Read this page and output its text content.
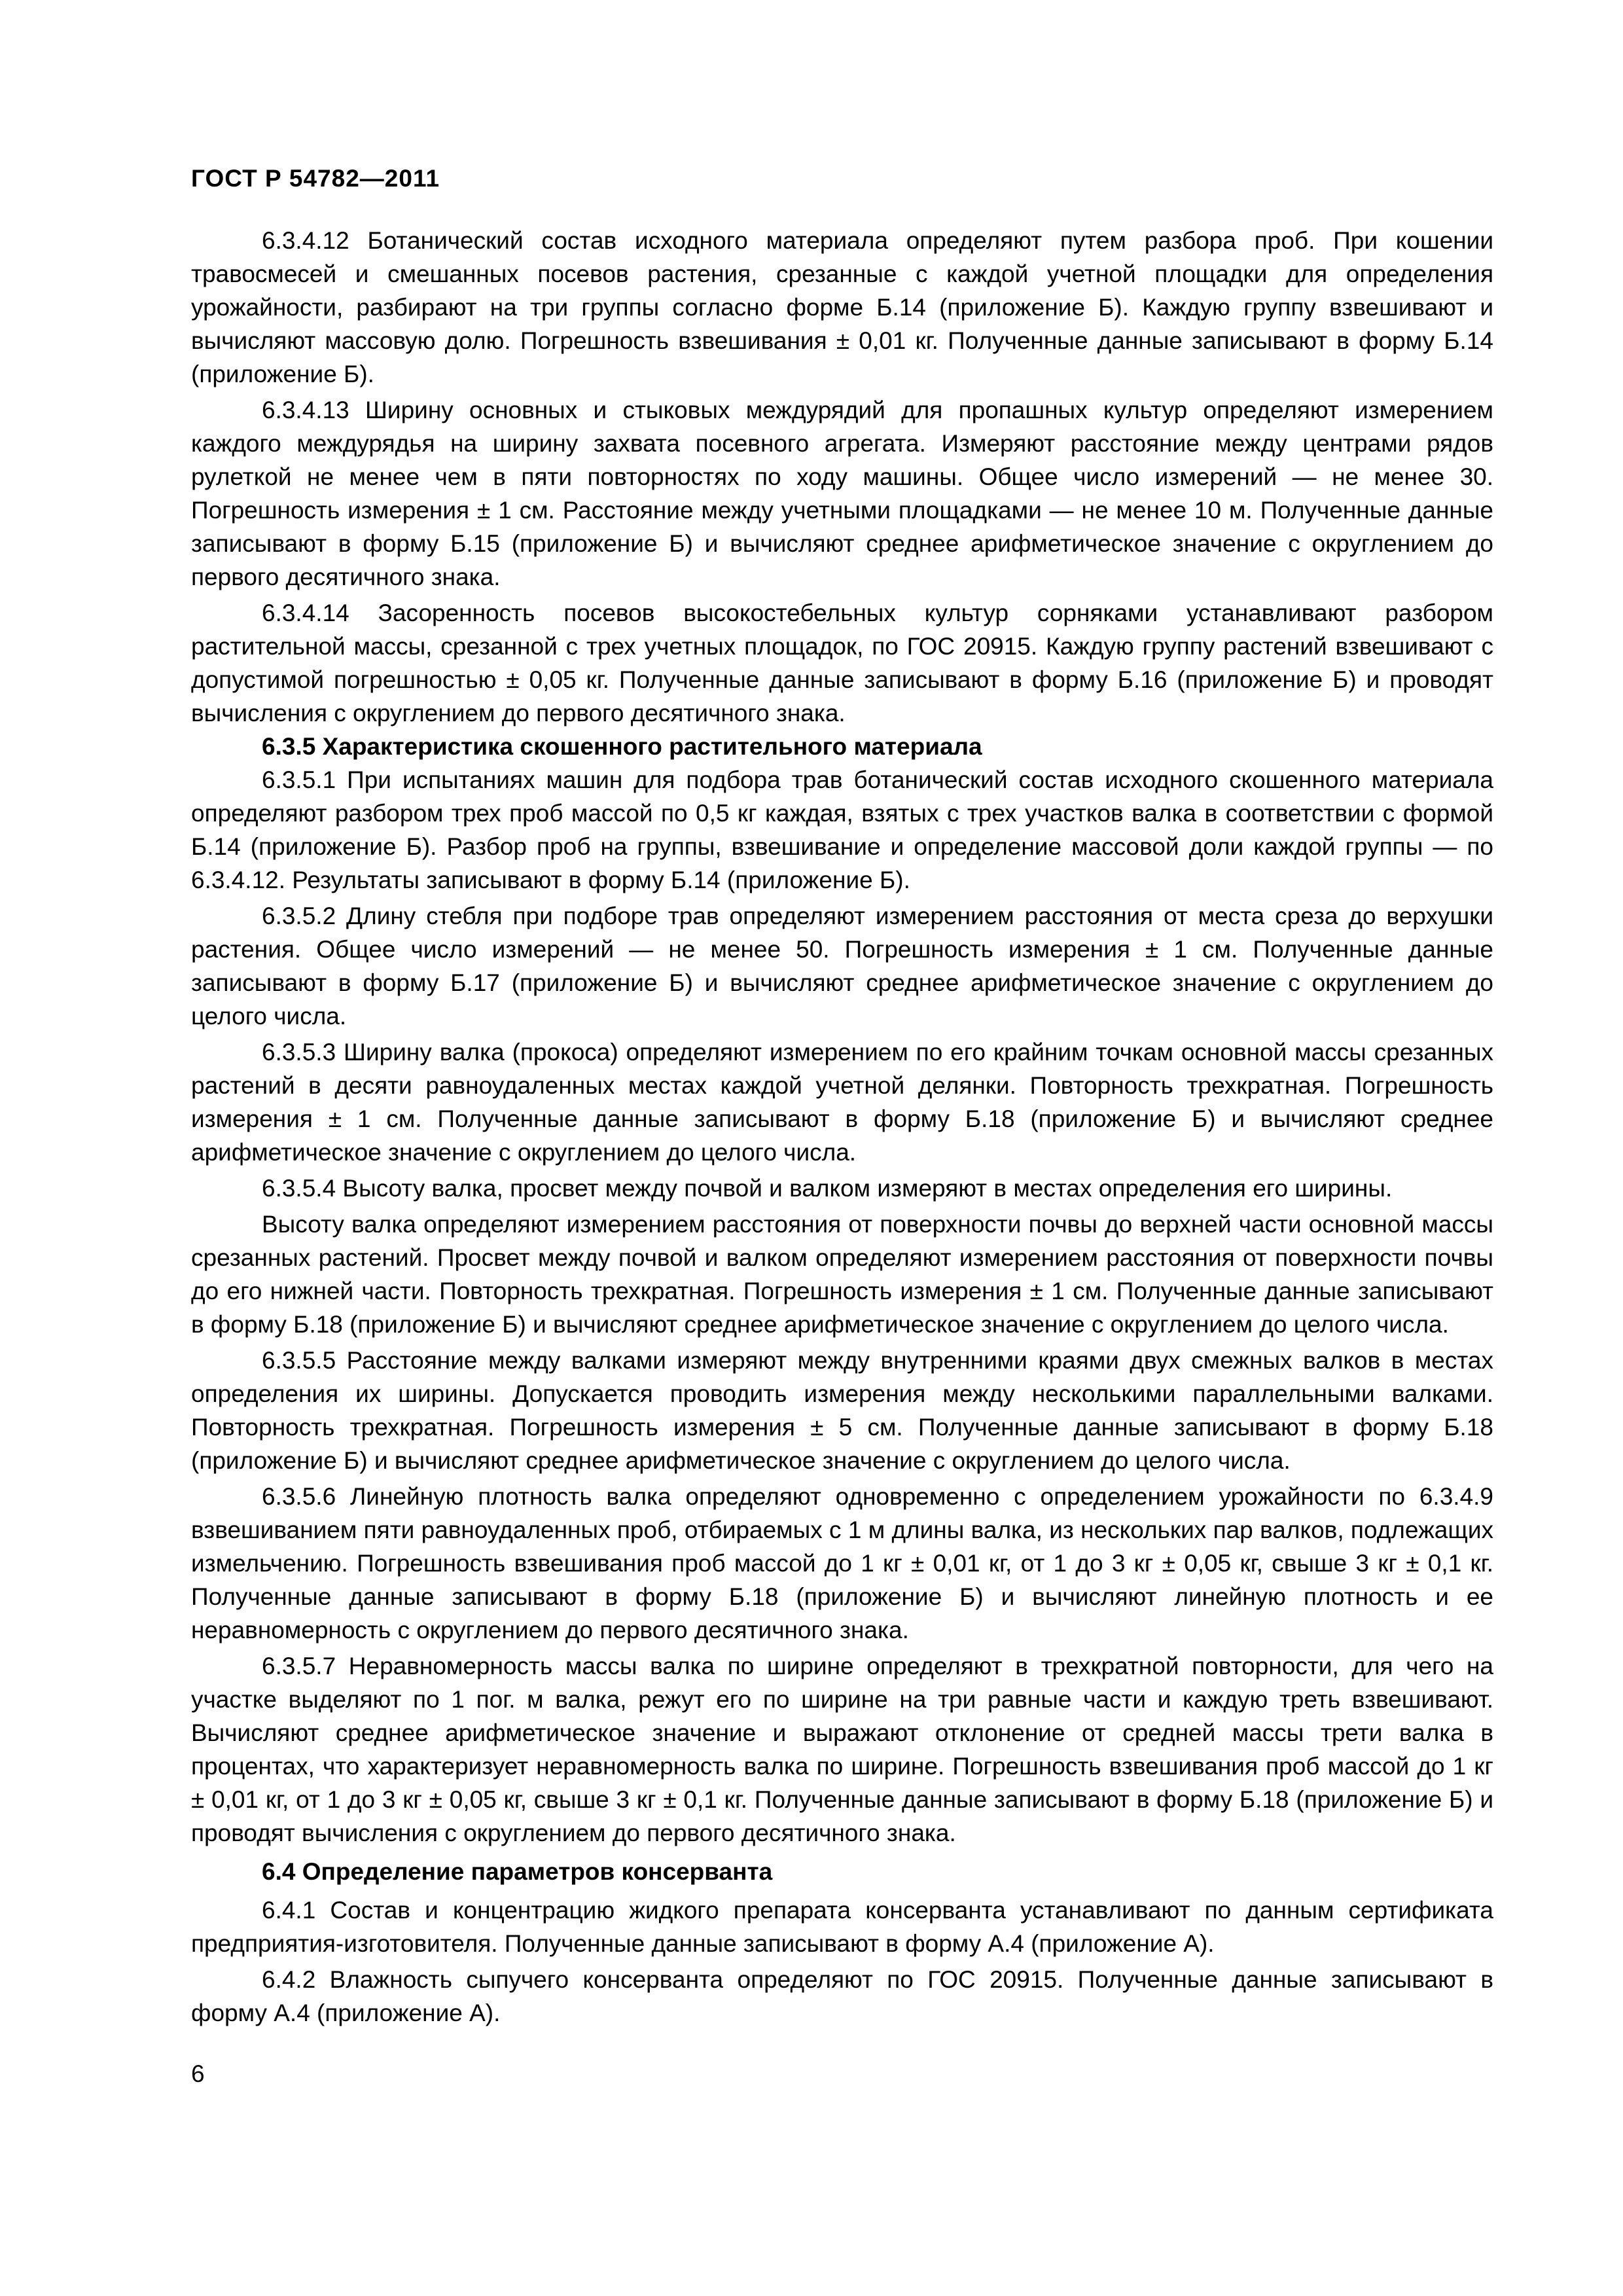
ГОСТ Р 54782—2011

6.3.4.12 Ботанический состав исходного материала определяют путем разбора проб. При кошении травосмесей и смешанных посевов растения, срезанные с каждой учетной площадки для определения урожайности, разбирают на три группы согласно форме Б.14 (приложение Б). Каждую группу взвешивают и вычисляют массовую долю. Погрешность взвешивания ± 0,01 кг. Полученные данные записывают в форму Б.14 (приложение Б).

6.3.4.13 Ширину основных и стыковых междурядий для пропашных культур определяют измерением каждого междурядья на ширину захвата посевного агрегата. Измеряют расстояние между центрами рядов рулеткой не менее чем в пяти повторностях по ходу машины. Общее число измерений — не менее 30. Погрешность измерения ± 1 см. Расстояние между учетными площадками — не менее 10 м. Полученные данные записывают в форму Б.15 (приложение Б) и вычисляют среднее арифметическое значение с округлением до первого десятичного знака.

6.3.4.14 Засоренность посевов высокостебельных культур сорняками устанавливают разбором растительной массы, срезанной с трех учетных площадок, по ГОС 20915. Каждую группу растений взвешивают с допустимой погрешностью ± 0,05 кг. Полученные данные записывают в форму Б.16 (приложение Б) и проводят вычисления с округлением до первого десятичного знака.

6.3.5 Характеристика скошенного растительного материала

6.3.5.1 При испытаниях машин для подбора трав ботанический состав исходного скошенного материала определяют разбором трех проб массой по 0,5 кг каждая, взятых с трех участков валка в соответствии с формой Б.14 (приложение Б). Разбор проб на группы, взвешивание и определение массовой доли каждой группы — по 6.3.4.12. Результаты записывают в форму Б.14 (приложение Б).

6.3.5.2 Длину стебля при подборе трав определяют измерением расстояния от места среза до верхушки растения. Общее число измерений — не менее 50. Погрешность измерения ± 1 см. Полученные данные записывают в форму Б.17 (приложение Б) и вычисляют среднее арифметическое значение с округлением до целого числа.

6.3.5.3 Ширину валка (прокоса) определяют измерением по его крайним точкам основной массы срезанных растений в десяти равноудаленных местах каждой учетной делянки. Повторность трехкратная. Погрешность измерения ± 1 см. Полученные данные записывают в форму Б.18 (приложение Б) и вычисляют среднее арифметическое значение с округлением до целого числа.

6.3.5.4 Высоту валка, просвет между почвой и валком измеряют в местах определения его ширины.

Высоту валка определяют измерением расстояния от поверхности почвы до верхней части основной массы срезанных растений. Просвет между почвой и валком определяют измерением расстояния от поверхности почвы до его нижней части. Повторность трехкратная. Погрешность измерения ± 1 см. Полученные данные записывают в форму Б.18 (приложение Б) и вычисляют среднее арифметическое значение с округлением до целого числа.

6.3.5.5 Расстояние между валками измеряют между внутренними краями двух смежных валков в местах определения их ширины. Допускается проводить измерения между несколькими параллельными валками. Повторность трехкратная. Погрешность измерения ± 5 см. Полученные данные записывают в форму Б.18 (приложение Б) и вычисляют среднее арифметическое значение с округлением до целого числа.

6.3.5.6 Линейную плотность валка определяют одновременно с определением урожайности по 6.3.4.9 взвешиванием пяти равноудаленных проб, отбираемых с 1 м длины валка, из нескольких пар валков, подлежащих измельчению. Погрешность взвешивания проб массой до 1 кг ± 0,01 кг, от 1 до 3 кг ± 0,05 кг, свыше 3 кг ± 0,1 кг. Полученные данные записывают в форму Б.18 (приложение Б) и вычисляют линейную плотность и ее неравномерность с округлением до первого десятичного знака.

6.3.5.7 Неравномерность массы валка по ширине определяют в трехкратной повторности, для чего на участке выделяют по 1 пог. м валка, режут его по ширине на три равные части и каждую треть взвешивают. Вычисляют среднее арифметическое значение и выражают отклонение от средней массы трети валка в процентах, что характеризует неравномерность валка по ширине. Погрешность взвешивания проб массой до 1 кг ± 0,01 кг, от 1 до 3 кг ± 0,05 кг, свыше 3 кг ± 0,1 кг. Полученные данные записывают в форму Б.18 (приложение Б) и проводят вычисления с округлением до первого десятичного знака.

6.4 Определение параметров консерванта

6.4.1 Состав и концентрацию жидкого препарата консерванта устанавливают по данным сертификата предприятия-изготовителя. Полученные данные записывают в форму А.4 (приложение А).

6.4.2 Влажность сыпучего консерванта определяют по ГОС 20915. Полученные данные записывают в форму А.4 (приложение А).

6
